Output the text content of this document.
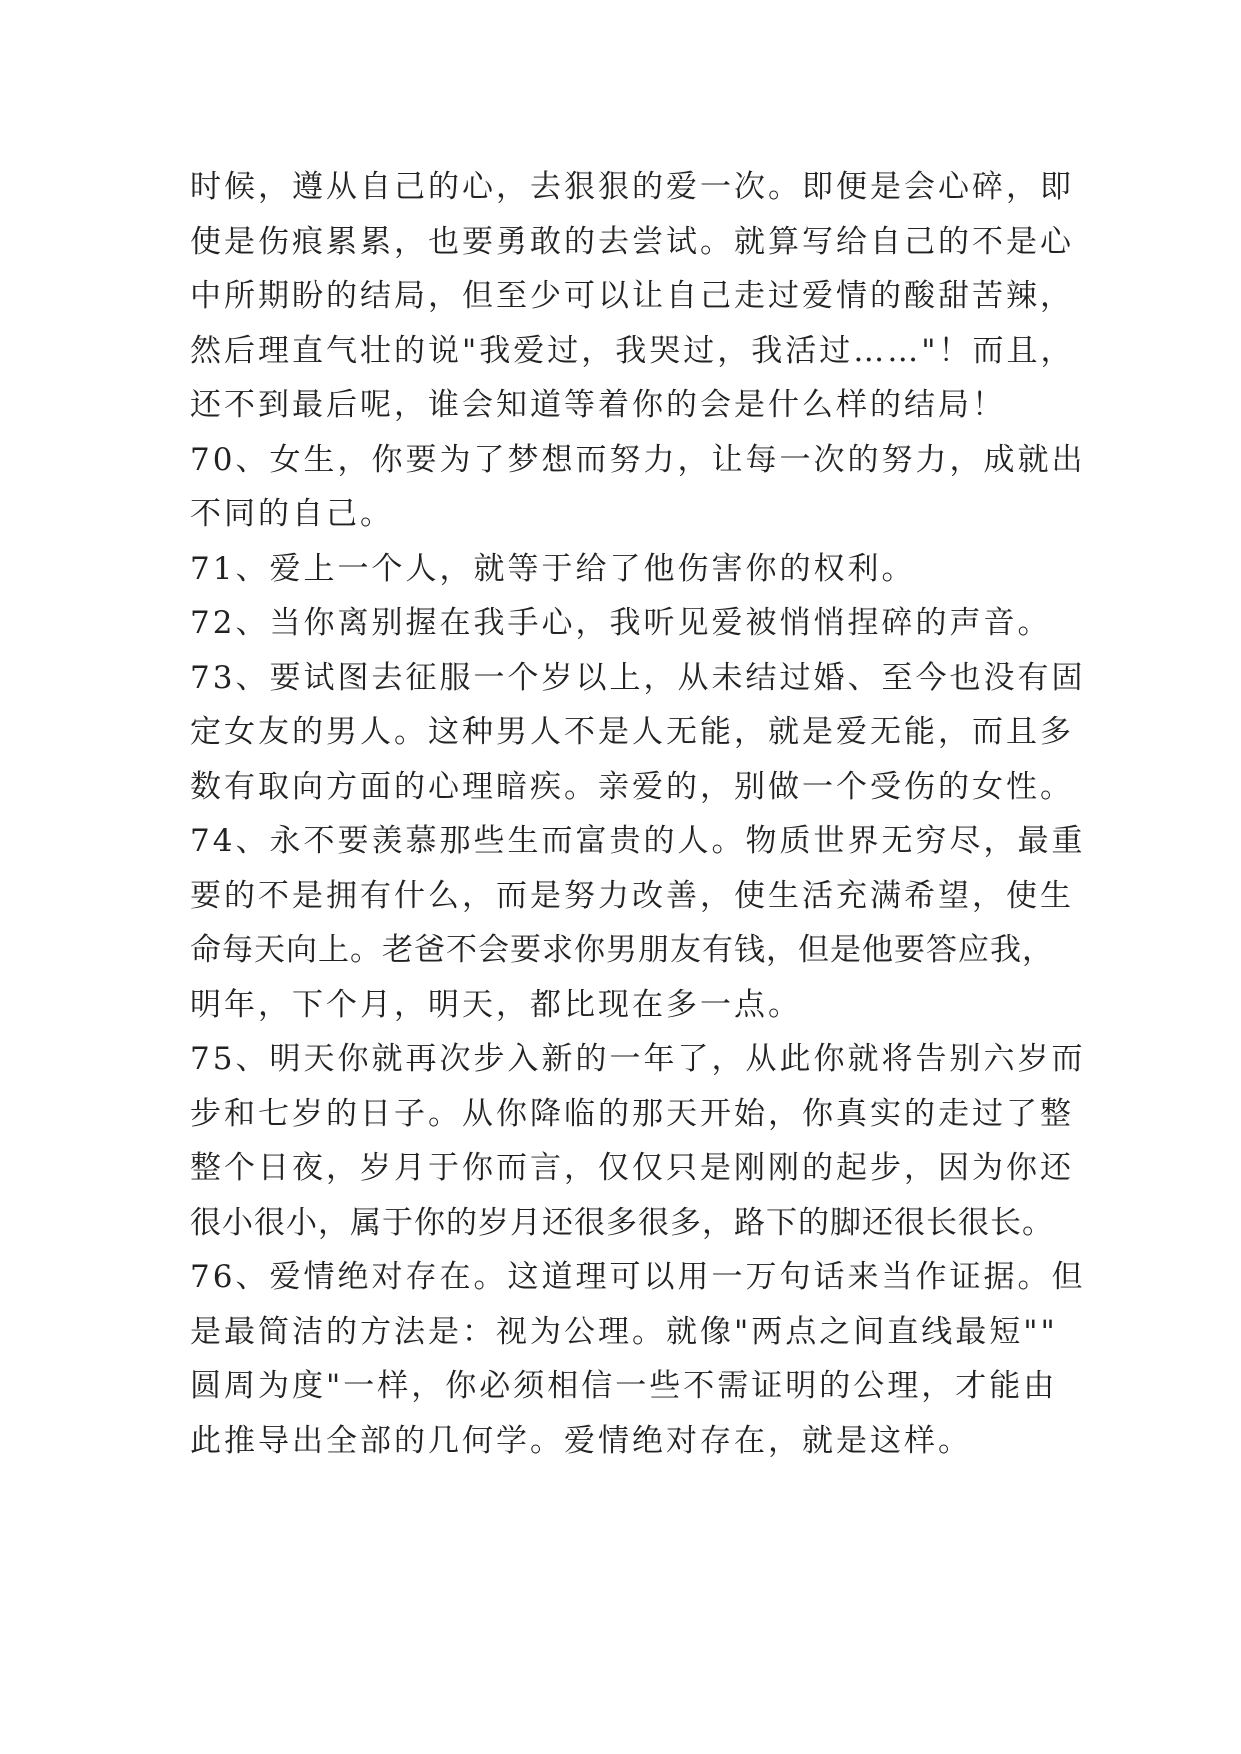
时候，遵从自己的心，去狠狠的爱一次。即便是会心碎，即
使是伤痕累累，也要勇敢的去尝试。就算写给自己的不是心
中所期盼的结局，但至少可以让自己走过爱情的酸甜苦辣，
然后理直气壮的说"我爱过，我哭过，我活过……"！而且，
还不到最后呢，谁会知道等着你的会是什么样的结局！
70、女生，你要为了梦想而努力，让每一次的努力，成就出
不同的自己。
71、爱上一个人，就等于给了他伤害你的权利。
72、当你离别握在我手心，我听见爱被悄悄捏碎的声音。
73、要试图去征服一个岁以上，从未结过婚、至今也没有固
定女友的男人。这种男人不是人无能，就是爱无能，而且多
数有取向方面的心理暗疾。亲爱的，别做一个受伤的女性。
74、永不要羡慕那些生而富贵的人。物质世界无穷尽，最重
要的不是拥有什么，而是努力改善，使生活充满希望，使生
命每天向上。老爸不会要求你男朋友有钱，但是他要答应我，
明年，下个月，明天，都比现在多一点。
75、明天你就再次步入新的一年了，从此你就将告别六岁而
步和七岁的日子。从你降临的那天开始，你真实的走过了整
整个日夜，岁月于你而言，仅仅只是刚刚的起步，因为你还
很小很小，属于你的岁月还很多很多，路下的脚还很长很长。
76、爱情绝对存在。这道理可以用一万句话来当作证据。但
是最简洁的方法是：视为公理。就像"两点之间直线最短""
圆周为度"一样，你必须相信一些不需证明的公理，才能由
此推导出全部的几何学。爱情绝对存在，就是这样。
